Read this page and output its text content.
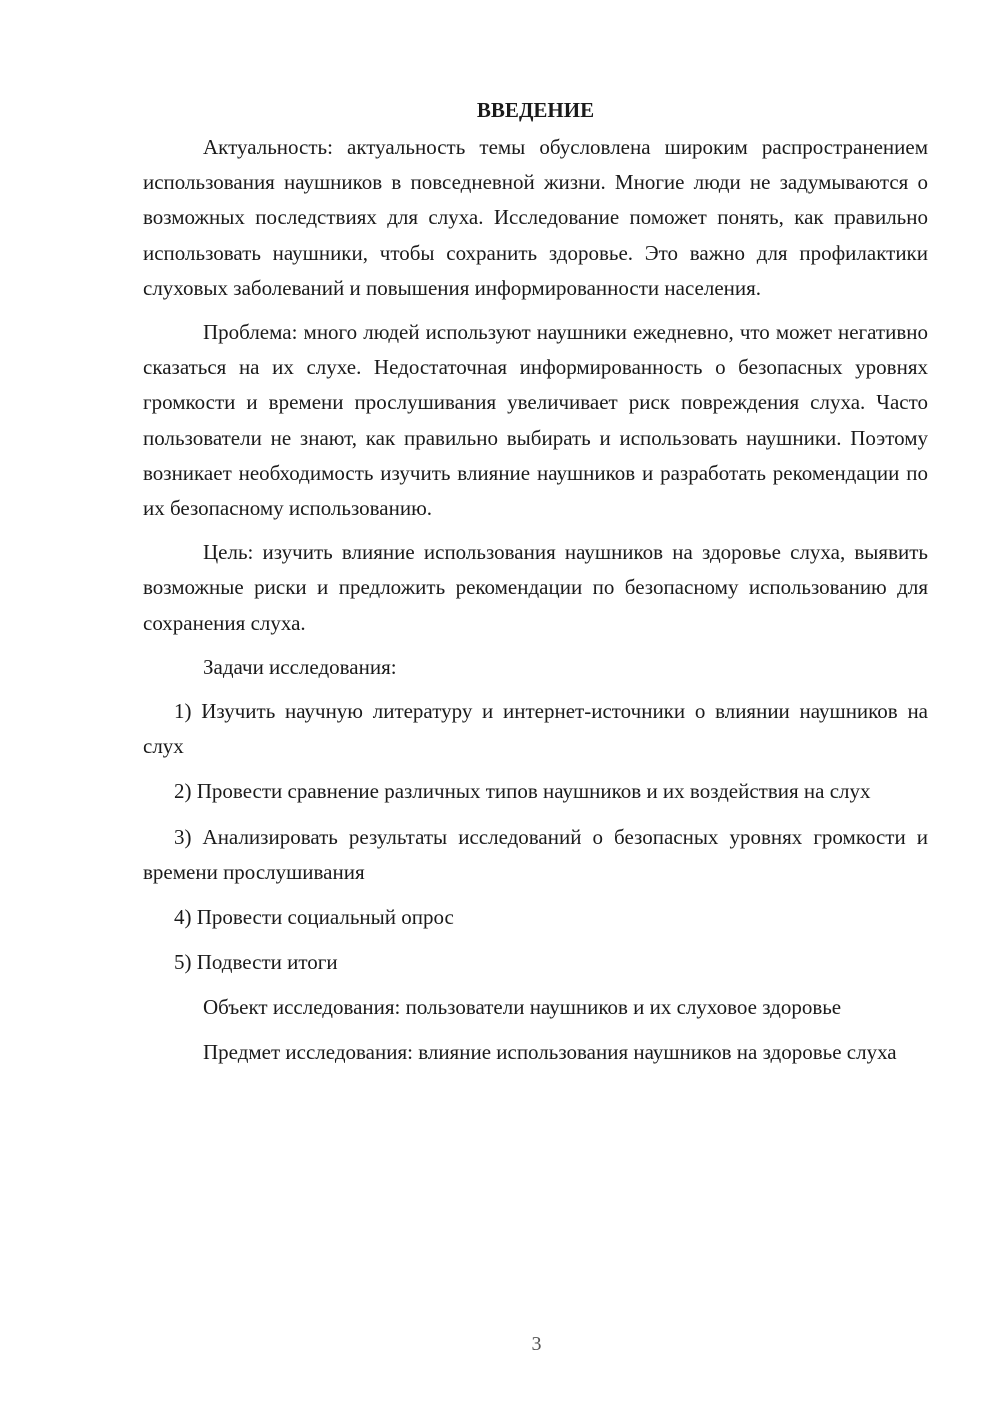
ВВЕДЕНИЕ

Актуальность: актуальность темы обусловлена широким распространением использования наушников в повседневной жизни. Многие люди не задумываются о возможных последствиях для слуха. Исследование поможет понять, как правильно использовать наушники, чтобы сохранить здоровье. Это важно для профилактики слуховых заболеваний и повышения информированности населения.

Проблема: много людей используют наушники ежедневно, что может негативно сказаться на их слухе. Недостаточная информированность о безопасных уровнях громкости и времени прослушивания увеличивает риск повреждения слуха. Часто пользователи не знают, как правильно выбирать и использовать наушники. Поэтому возникает необходимость изучить влияние наушников и разработать рекомендации по их безопасному использованию.

Цель: изучить влияние использования наушников на здоровье слуха, выявить возможные риски и предложить рекомендации по безопасному использованию для сохранения слуха.

Задачи исследования:

1) Изучить научную литературу и интернет-источники о влиянии наушников на слух

2) Провести сравнение различных типов наушников и их воздействия на слух

3) Анализировать результаты исследований о безопасных уровнях громкости и времени прослушивания

4) Провести социальный опрос

5) Подвести итоги

Объект исследования: пользователи наушников и их слуховое здоровье

Предмет исследования: влияние использования наушников на здоровье слуха

3
